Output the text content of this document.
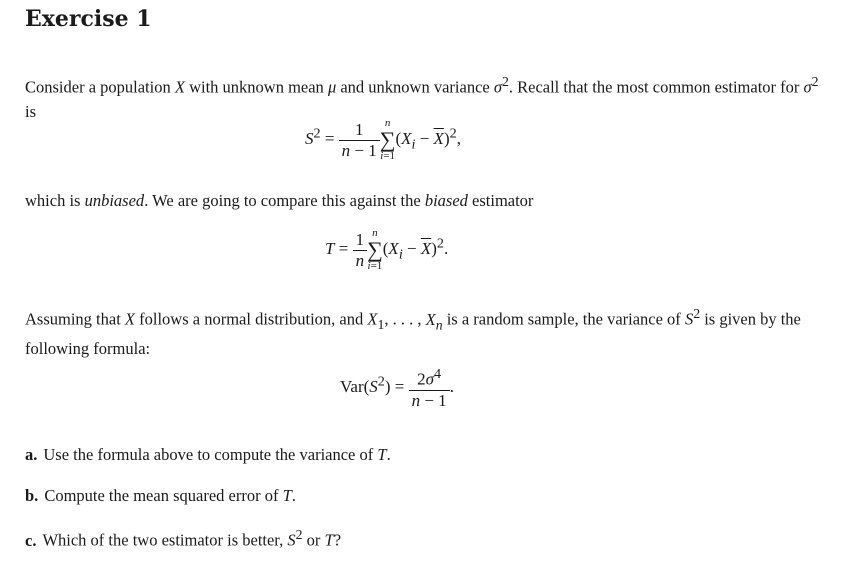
Exercise 1
Consider a population X with unknown mean μ and unknown variance $\sigma^2$. Recall that the most common estimator for $\sigma^2$ is
$S^2 = \frac{1}{n - 1}$ n
∑
i=1
$(X_i - \overline{X})^2$,
which is unbiased. We are going to compare this against the biased estimator
$T = \frac{1}{n}$ n
∑
i=1
$(X_i - \overline{X})^2$.
Assuming that X follows a normal distribution, and $X_1$, . . . , $X_n$ is a random sample, the variance of $S^2$ is given by the following formula:
$Var(S^2) = \frac{2\sigma^4}{n - 1}$ .
a. Use the formula above to compute the variance of T.
b. Compute the mean squared error of T.
c. Which of the two estimator is better, $S^2$ or T?
